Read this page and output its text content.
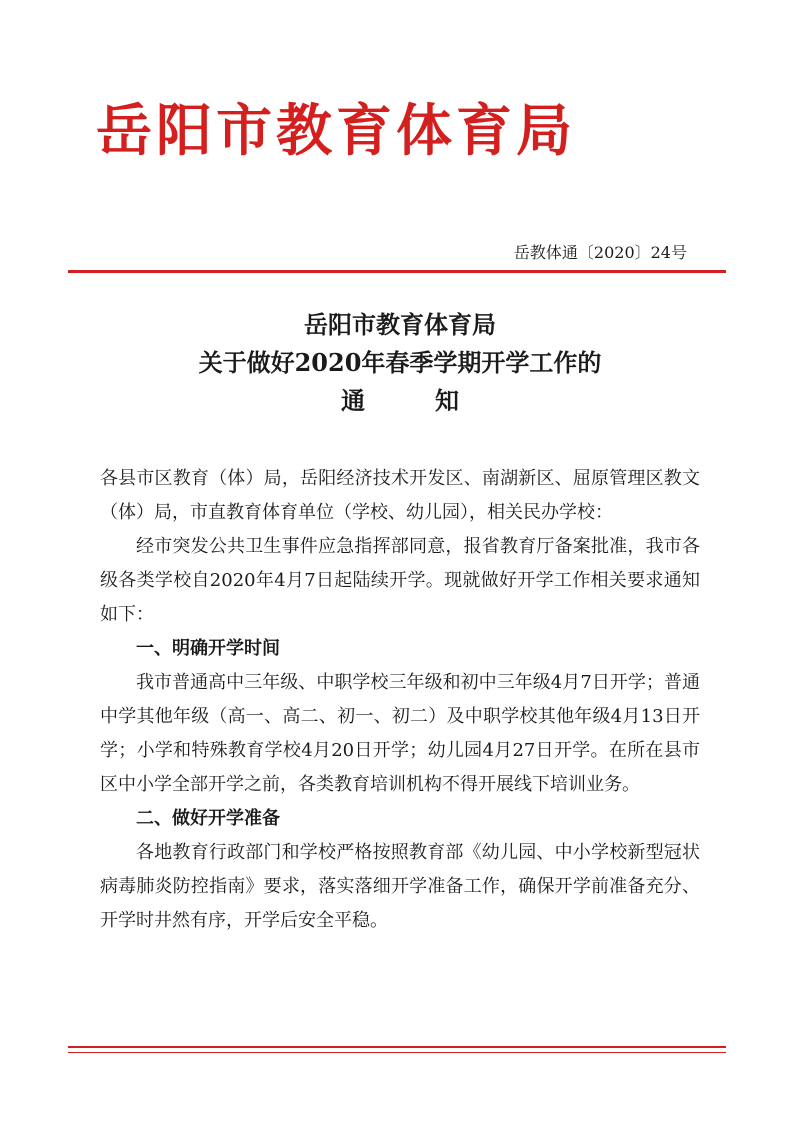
岳阳市教育体育局
岳教体通〔2020〕24号
岳阳市教育体育局
关于做好2020年春季学期开学工作的
通知

各县市区教育（体）局，岳阳经济技术开发区、南湖新区、屈原管理区教文（体）局，市直教育体育单位（学校、幼儿园），相关民办学校：

经市突发公共卫生事件应急指挥部同意，报省教育厅备案批准，我市各级各类学校自2020年4月7日起陆续开学。现就做好开学工作相关要求通知如下：

一、明确开学时间

我市普通高中三年级、中职学校三年级和初中三年级4月7日开学；普通中学其他年级（高一、高二、初一、初二）及中职学校其他年级4月13日开学；小学和特殊教育学校4月20日开学；幼儿园4月27日开学。在所在县市区中小学全部开学之前，各类教育培训机构不得开展线下培训业务。

二、做好开学准备

各地教育行政部门和学校严格按照教育部《幼儿园、中小学校新型冠状病毒肺炎防控指南》要求，落实落细开学准备工作，确保开学前准备充分、开学时井然有序，开学后安全平稳。
